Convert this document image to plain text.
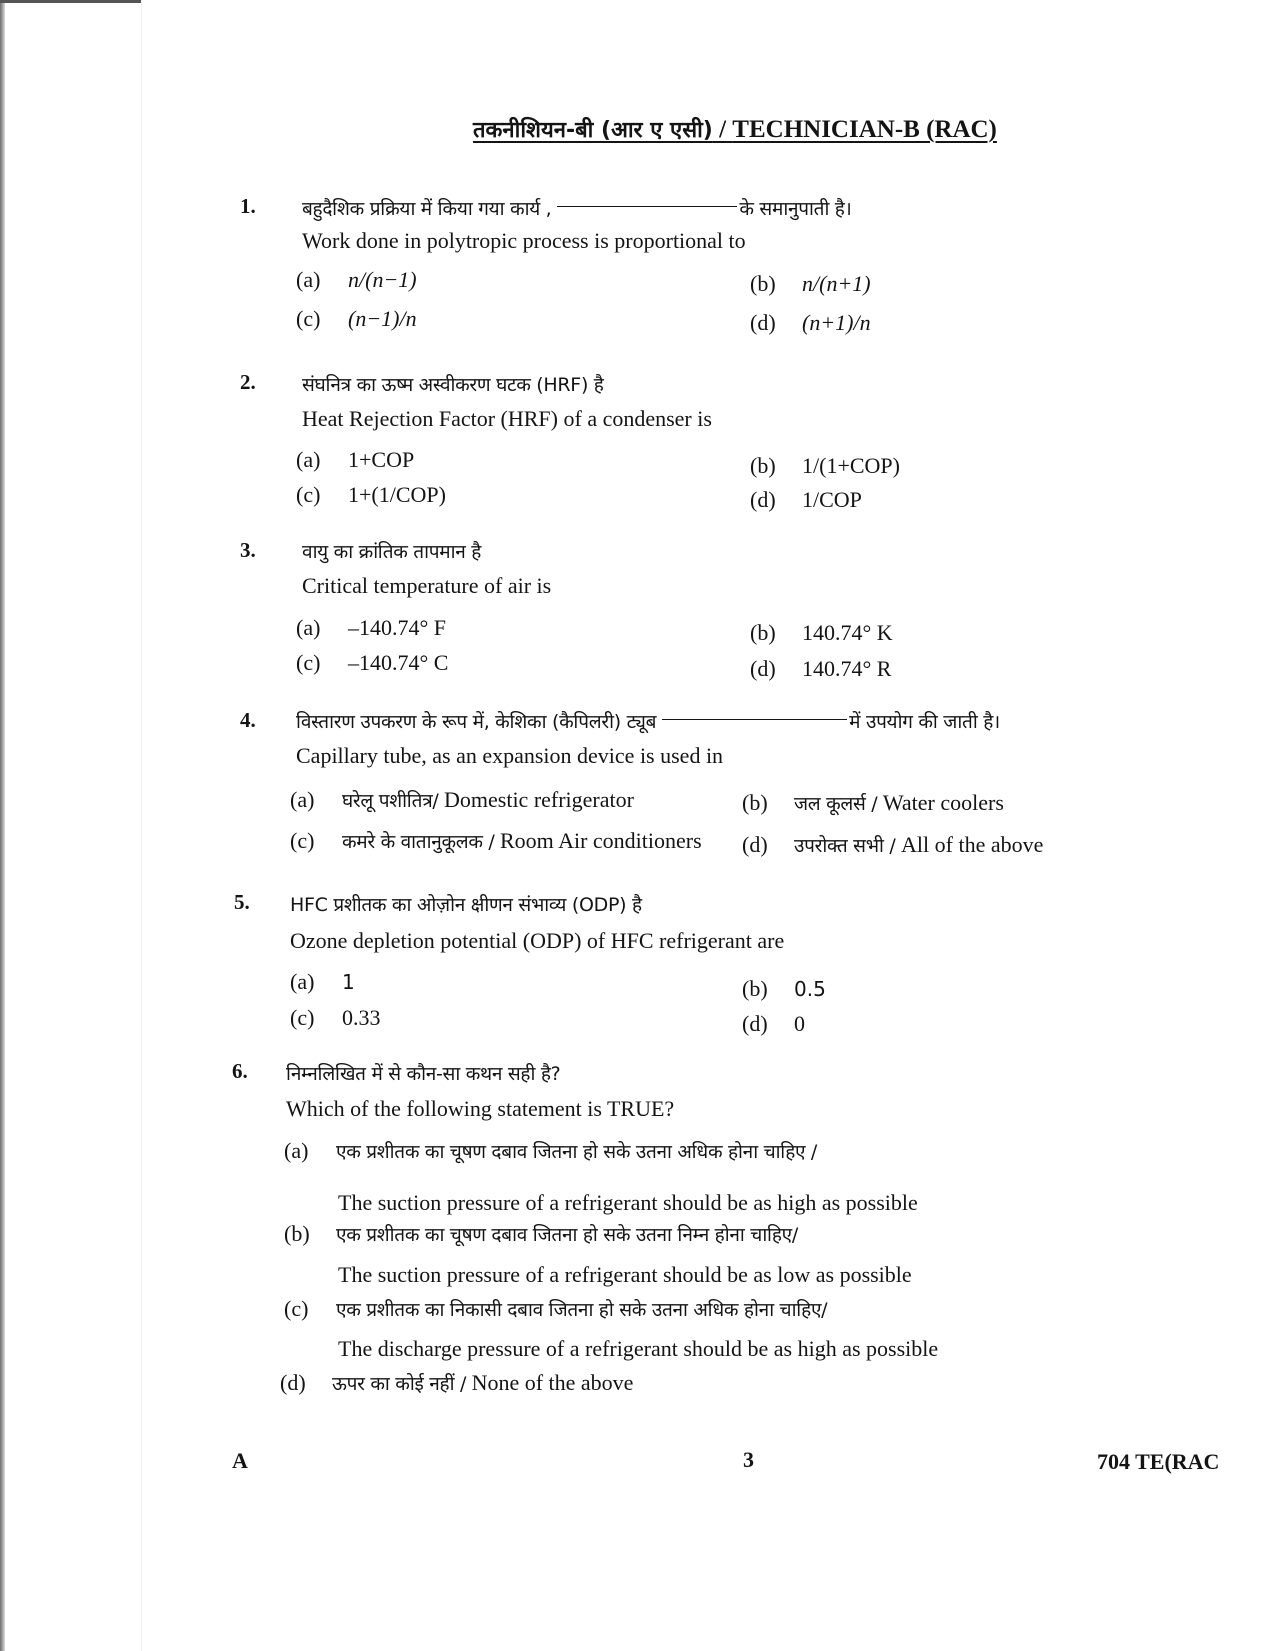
तकनीशियन-बी (आर ए एसी) / TECHNICIAN-B (RAC)
1. बहुदैशिक प्रक्रिया में किया गया कार्य ,	के समानुपाती है।
Work done in polytropic process is proportional to
(a) n/(n−1)	(b) n/(n+1)
(c) (n−1)/n	(d) (n+1)/n
2. संघनित्र का ऊष्म अस्वीकरण घटक (HRF) है
Heat Rejection Factor (HRF) of a condenser is
(a) 1+COP	(b) 1/(1+COP)
(c) 1+(1/COP)	(d) 1/COP
3. वायु का क्रांतिक तापमान है
Critical temperature of air is
(a) –140.74° F	(b) 140.74° K
(c) –140.74° C	(d) 140.74° R
4. विस्तारण उपकरण के रूप में, केशिका (कैपिलरी) ट्यूब	में उपयोग की जाती है।
Capillary tube, as an expansion device is used in
(a) घरेलू पशीतित्र/ Domestic refrigerator	(b) जल कूलर्स / Water coolers
(c) कमरे के वातानुकूलक / Room Air conditioners (d) उपरोक्त सभी / All of the above
5. HFC प्रशीतक का ओज़ोन क्षीणन संभाव्य (ODP) है
Ozone depletion potential (ODP) of HFC refrigerant are
(a) 1	(b) 0.5
(c) 0.33	(d) 0
6. निम्नलिखित में से कौन-सा कथन सही है?
Which of the following statement is TRUE?
(a) एक प्रशीतक का चूषण दबाव जितना हो सके उतना अधिक होना चाहिए /
The suction pressure of a refrigerant should be as high as possible
(b) एक प्रशीतक का चूषण दबाव जितना हो सके उतना निम्न होना चाहिए/
The suction pressure of a refrigerant should be as low as possible
(c) एक प्रशीतक का निकासी दबाव जितना हो सके उतना अधिक होना चाहिए/
The discharge pressure of a refrigerant should be as high as possible
(d) ऊपर का कोई नहीं / None of the above
A	3	704 TE(RAC
